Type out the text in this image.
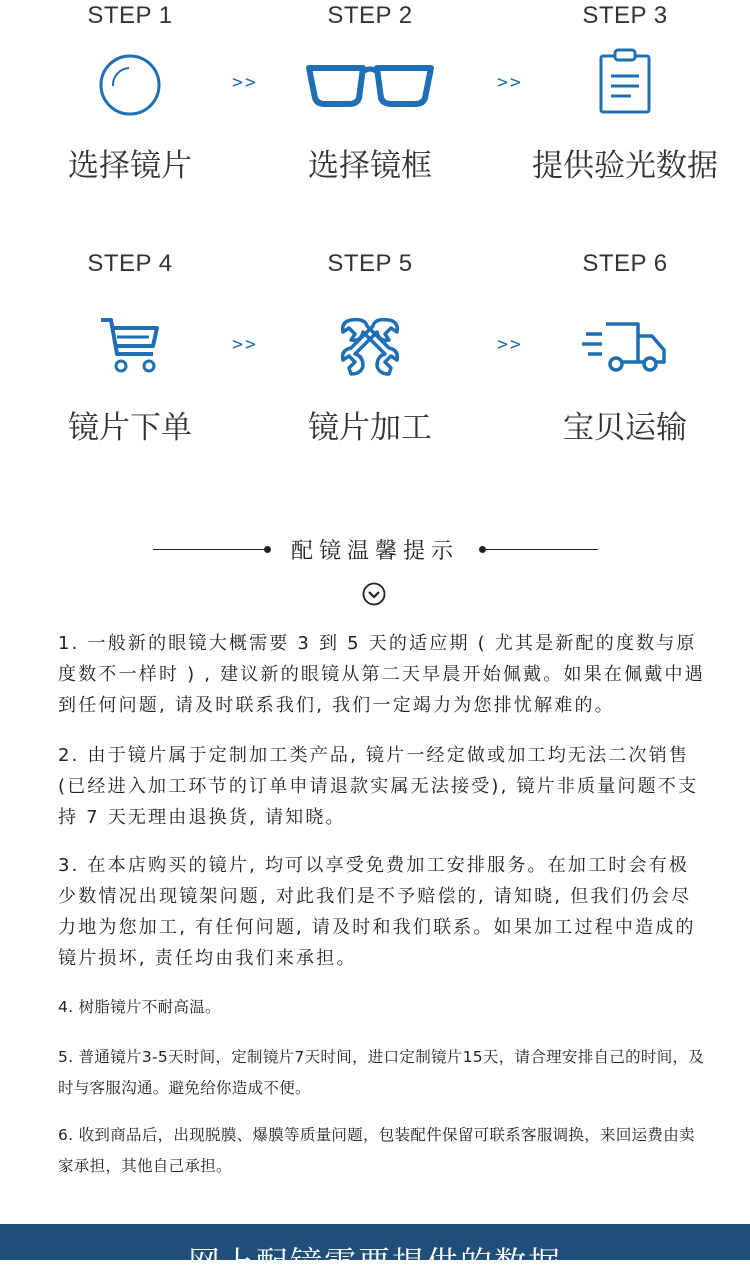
STEP 1
选择镜片
>>
STEP 2
选择镜框
>>
STEP 3
提供验光数据
STEP 4
镜片下单
>>
STEP 5
镜片加工
>>
STEP 6
宝贝运输
配镜温馨提示
1. 一般新的眼镜大概需要 3 到 5 天的适应期 ( 尤其是新配的度数与原度数不一样时 ) , 建议新的眼镜从第二天早晨开始佩戴。如果在佩戴中遇到任何问题, 请及时联系我们, 我们一定竭力为您排忧解难的。
2. 由于镜片属于定制加工类产品, 镜片一经定做或加工均无法二次销售(已经进入加工环节的订单申请退款实属无法接受), 镜片非质量问题不支持 7 天无理由退换货, 请知晓。
3. 在本店购买的镜片, 均可以享受免费加工安排服务。在加工时会有极少数情况出现镜架问题, 对此我们是不予赔偿的, 请知晓, 但我们仍会尽力地为您加工, 有任何问题, 请及时和我们联系。如果加工过程中造成的镜片损坏, 责任均由我们来承担。
4. 树脂镜片不耐高温。
5. 普通镜片3-5天时间，定制镜片7天时间，进口定制镜片15天，请合理安排自己的时间，及时与客服沟通。避免给你造成不便。
6. 收到商品后，出现脱膜、爆膜等质量问题，包装配件保留可联系客服调换，来回运费由卖家承担，其他自己承担。
网上配镜需要提供的数据
